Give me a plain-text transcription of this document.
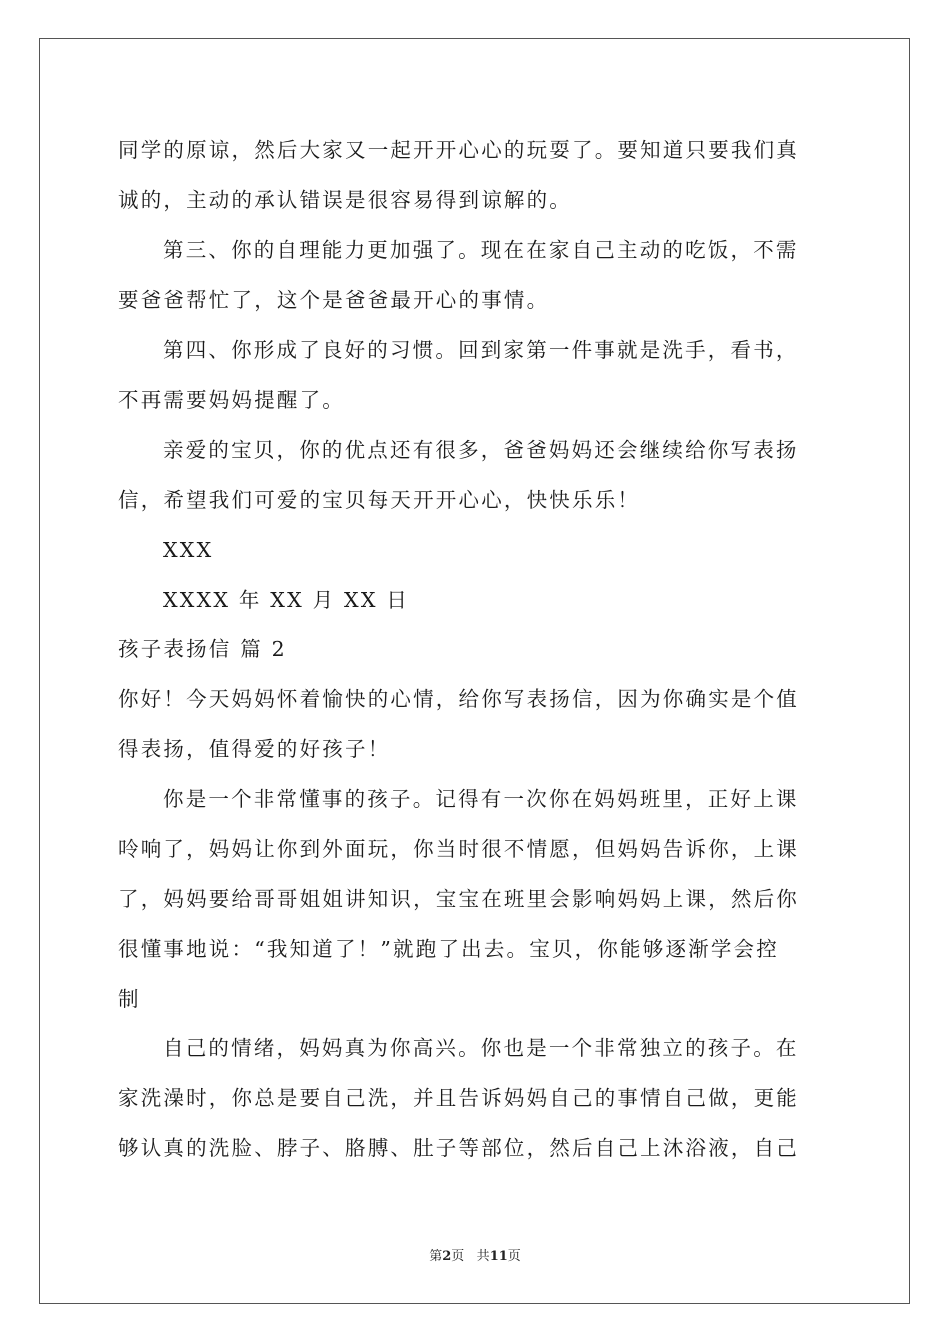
同学的原谅，然后大家又一起开开心心的玩耍了。要知道只要我们真
诚的，主动的承认错误是很容易得到谅解的。
第三、你的自理能力更加强了。现在在家自己主动的吃饭，不需
要爸爸帮忙了，这个是爸爸最开心的事情。
第四、你形成了良好的习惯。回到家第一件事就是洗手，看书，
不再需要妈妈提醒了。
亲爱的宝贝，你的优点还有很多，爸爸妈妈还会继续给你写表扬
信，希望我们可爱的宝贝每天开开心心，快快乐乐！
XXX
XXXX 年 XX 月 XX 日
孩子表扬信 篇 2
你好！今天妈妈怀着愉快的心情，给你写表扬信，因为你确实是个值
得表扬，值得爱的好孩子！
你是一个非常懂事的孩子。记得有一次你在妈妈班里，正好上课
呤响了，妈妈让你到外面玩，你当时很不情愿，但妈妈告诉你，上课
了，妈妈要给哥哥姐姐讲知识，宝宝在班里会影响妈妈上课，然后你
很懂事地说：“我知道了！”就跑了出去。宝贝，你能够逐渐学会控
制
自己的情绪，妈妈真为你高兴。你也是一个非常独立的孩子。在
家洗澡时，你总是要自己洗，并且告诉妈妈自己的事情自己做，更能
够认真的洗脸、脖子、胳膊、肚子等部位，然后自己上沐浴液，自己
第2页 共11页
